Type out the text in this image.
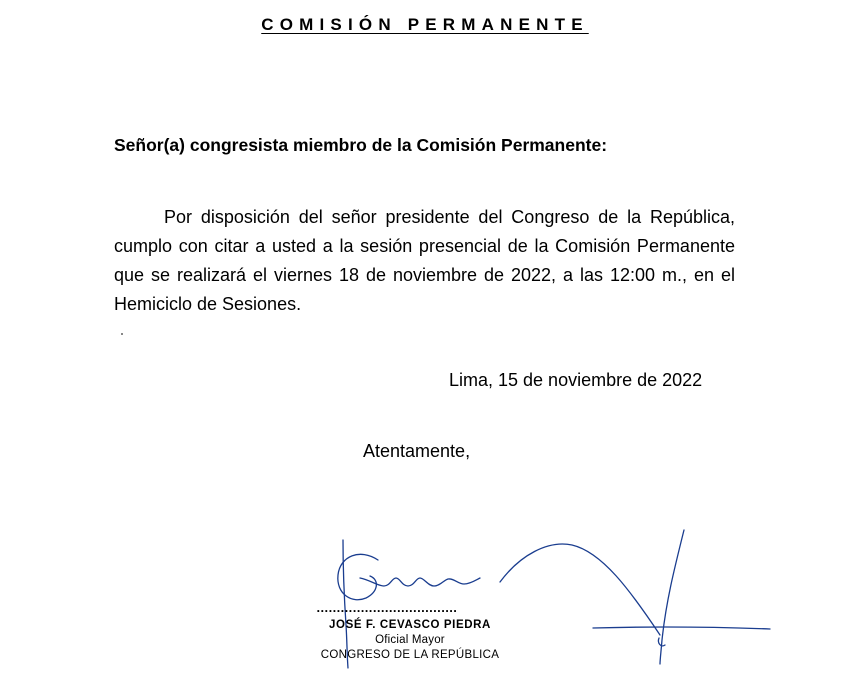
COMISIÓN PERMANENTE
Señor(a) congresista miembro de la Comisión Permanente:
Por disposición del señor presidente del Congreso de la República, cumplo con citar a usted a la sesión presencial de la Comisión Permanente que se realizará el viernes 18 de noviembre de 2022, a las 12:00 m., en el Hemiciclo de Sesiones.
Lima, 15 de noviembre de 2022
Atentamente,
...................................
JOSÉ F. CEVASCO PIEDRA
Oficial Mayor
CONGRESO DE LA REPÚBLICA
